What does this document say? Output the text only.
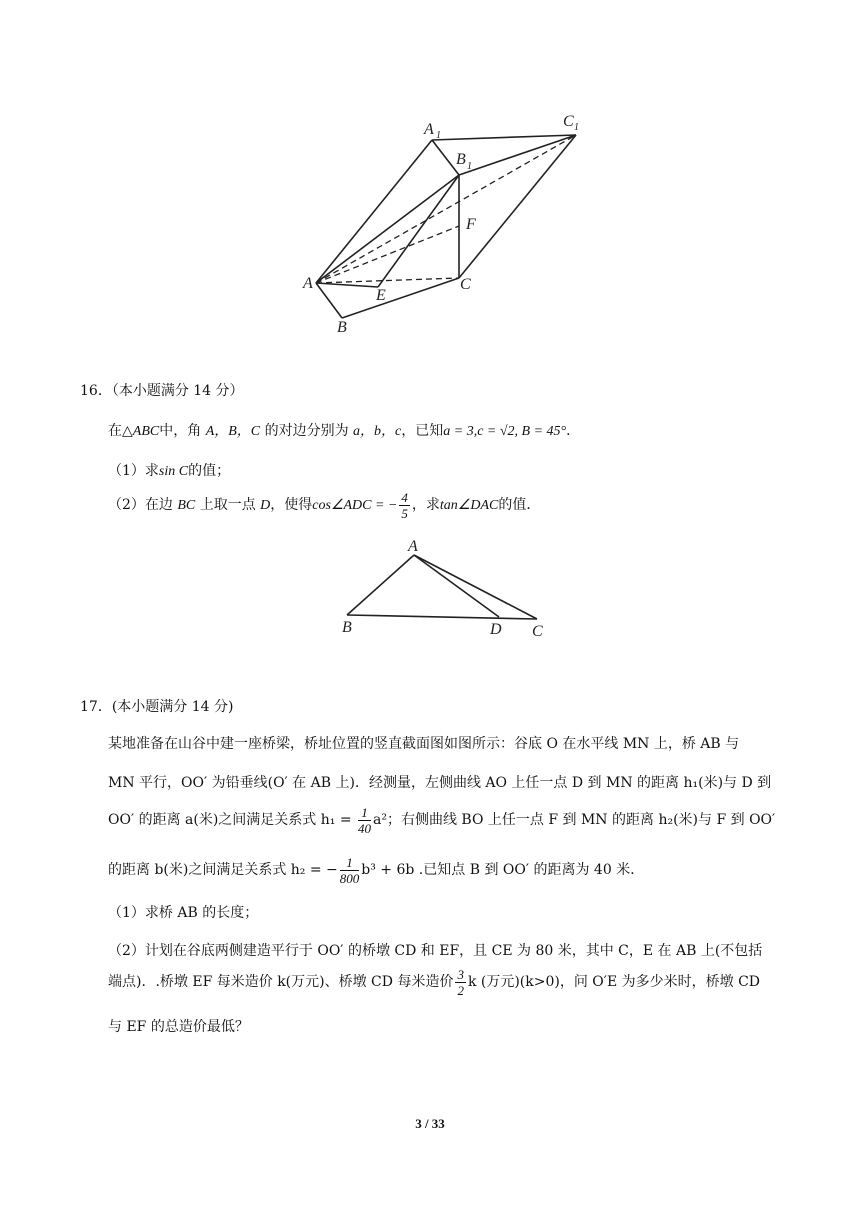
A 1
C 1
B 1
F
A
E
C
B
16．（本小题满分 14 分）
在△ABC中，角 A，B，C 的对边分别为 a，b，c，已知a = 3,c = √2, B = 45°．
（1）求sin C的值；
（2）在边 BC 上取一点 D，使得cos∠ADC = − $\frac{4}{5}$ ，求tan∠DAC的值．
A
B	D C
17．(本小题满分 14 分)
某地准备在山谷中建一座桥梁，桥址位置的竖直截面图如图所示：谷底 O 在水平线 MN 上，桥 AB 与
MN 平行，OO′ 为铅垂线(O′ 在 AB 上)．经测量，左侧曲线 AO 上任一点 D 到 MN 的距离 h₁(米)与 D 到
OO′ 的距离 a(米)之间满足关系式 $h_1 = \frac{1}{40} a^2$；右侧曲线 BO 上任一点 F 到 MN 的距离 h₂(米)与 F 到 OO′
的距离 b(米)之间满足关系式 h₂ = − $\frac{1}{800} b^3 + 6b$ .已知点 B 到 OO′ 的距离为 40 米．
（1）求桥 AB 的长度；
（2）计划在谷底两侧建造平行于 OO′ 的桥墩 CD 和 EF，且 CE 为 80 米，其中 C，E 在 AB 上(不包括
端点)．.桥墩 EF 每米造价 k(万元)、桥墩 CD 每米造价 $\frac{3}{2}$ k (万元)(k>0)，问 O′E 为多少米时，桥墩 CD
与 EF 的总造价最低？
3 / 33
